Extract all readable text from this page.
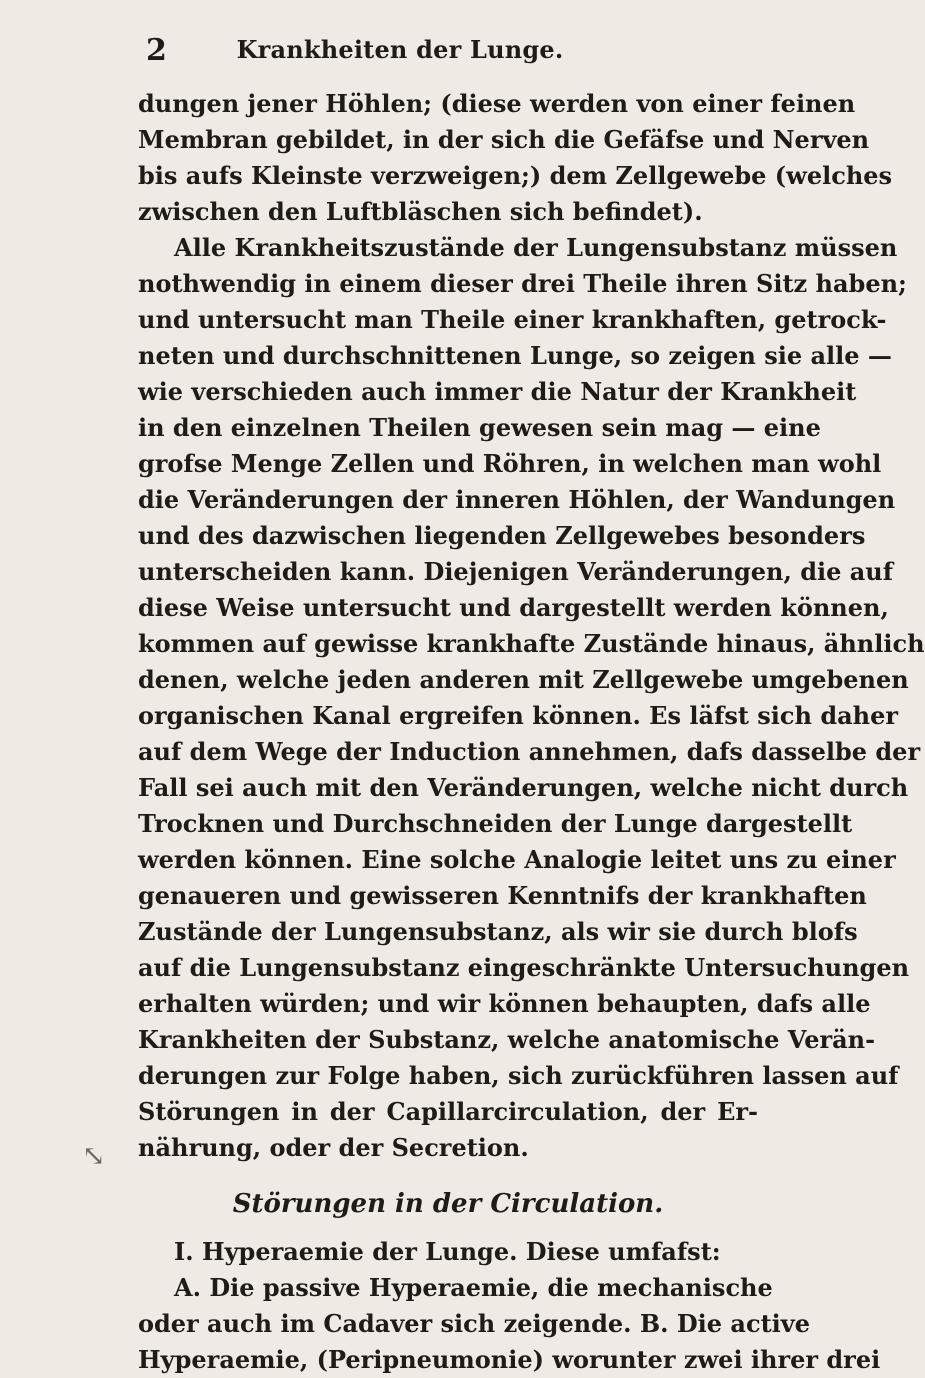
2	Krankheiten der Lunge.
dungen jener Höhlen; (diese werden von einer feinen
Membran gebildet, in der sich die Gefäfse und Nerven
bis aufs Kleinste verzweigen;) dem Zellgewebe (welches
zwischen den Luftbläschen sich befindet).
Alle Krankheitszustände der Lungensubstanz müssen
nothwendig in einem dieser drei Theile ihren Sitz haben;
und untersucht man Theile einer krankhaften, getrock-
neten und durchschnittenen Lunge, so zeigen sie alle —
wie verschieden auch immer die Natur der Krankheit
in den einzelnen Theilen gewesen sein mag — eine
grofse Menge Zellen und Röhren, in welchen man wohl
die Veränderungen der inneren Höhlen, der Wandungen
und des dazwischen liegenden Zellgewebes besonders
unterscheiden kann. Diejenigen Veränderungen, die auf
diese Weise untersucht und dargestellt werden können,
kommen auf gewisse krankhafte Zustände hinaus, ähnlich
denen, welche jeden anderen mit Zellgewebe umgebenen
organischen Kanal ergreifen können. Es läfst sich daher
auf dem Wege der Induction annehmen, dafs dasselbe der
Fall sei auch mit den Veränderungen, welche nicht durch
Trocknen und Durchschneiden der Lunge dargestellt
werden können. Eine solche Analogie leitet uns zu einer
genaueren und gewisseren Kenntnifs der krankhaften
Zustände der Lungensubstanz, als wir sie durch blofs
auf die Lungensubstanz eingeschränkte Untersuchungen
erhalten würden; und wir können behaupten, dafs alle
Krankheiten der Substanz, welche anatomische Verän-
derungen zur Folge haben, sich zurückführen lassen auf
Störungen in der Capillarcirculation, der Er-
nährung, oder der Secretion.
Störungen in der Circulation.
I. Hyperaemie der Lunge. Diese umfafst:
A. Die passive Hyperaemie, die mechanische
oder auch im Cadaver sich zeigende. B. Die active
Hyperaemie, (Peripneumonie) worunter zwei ihrer drei
⤡
